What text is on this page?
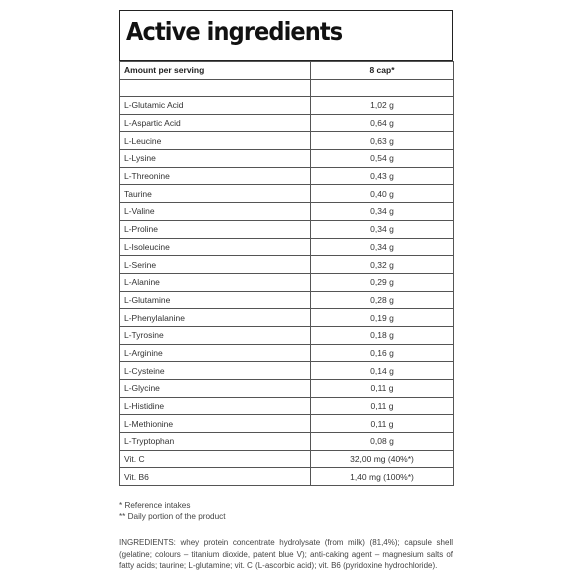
Active ingredients
Amount per serving	8 cap*

L-Glutamic Acid	1,02 g
L-Aspartic Acid	0,64 g
L-Leucine	0,63 g
L-Lysine	0,54 g
L-Threonine	0,43 g
Taurine	0,40 g
L-Valine	0,34 g
L-Proline	0,34 g
L-Isoleucine	0,34 g
L-Serine	0,32 g
L-Alanine	0,29 g
L-Glutamine	0,28 g
L-Phenylalanine	0,19 g
L-Tyrosine	0,18 g
L-Arginine	0,16 g
L-Cysteine	0,14 g
L-Glycine	0,11 g
L-Histidine	0,11 g
L-Methionine	0,11 g
L-Tryptophan	0,08 g
Vit. C	32,00 mg (40%*)
Vit. B6	1,40 mg (100%*)
* Reference intakes
** Daily portion of the product
INGREDIENTS: whey protein concentrate hydrolysate (from milk) (81,4%); capsule shell (gelatine; colours – titanium dioxide, patent blue V); anti-caking agent – magnesium salts of fatty acids; taurine; L-glutamine; vit. C (L-ascorbic acid); vit. B6 (pyridoxine hydrochloride).
